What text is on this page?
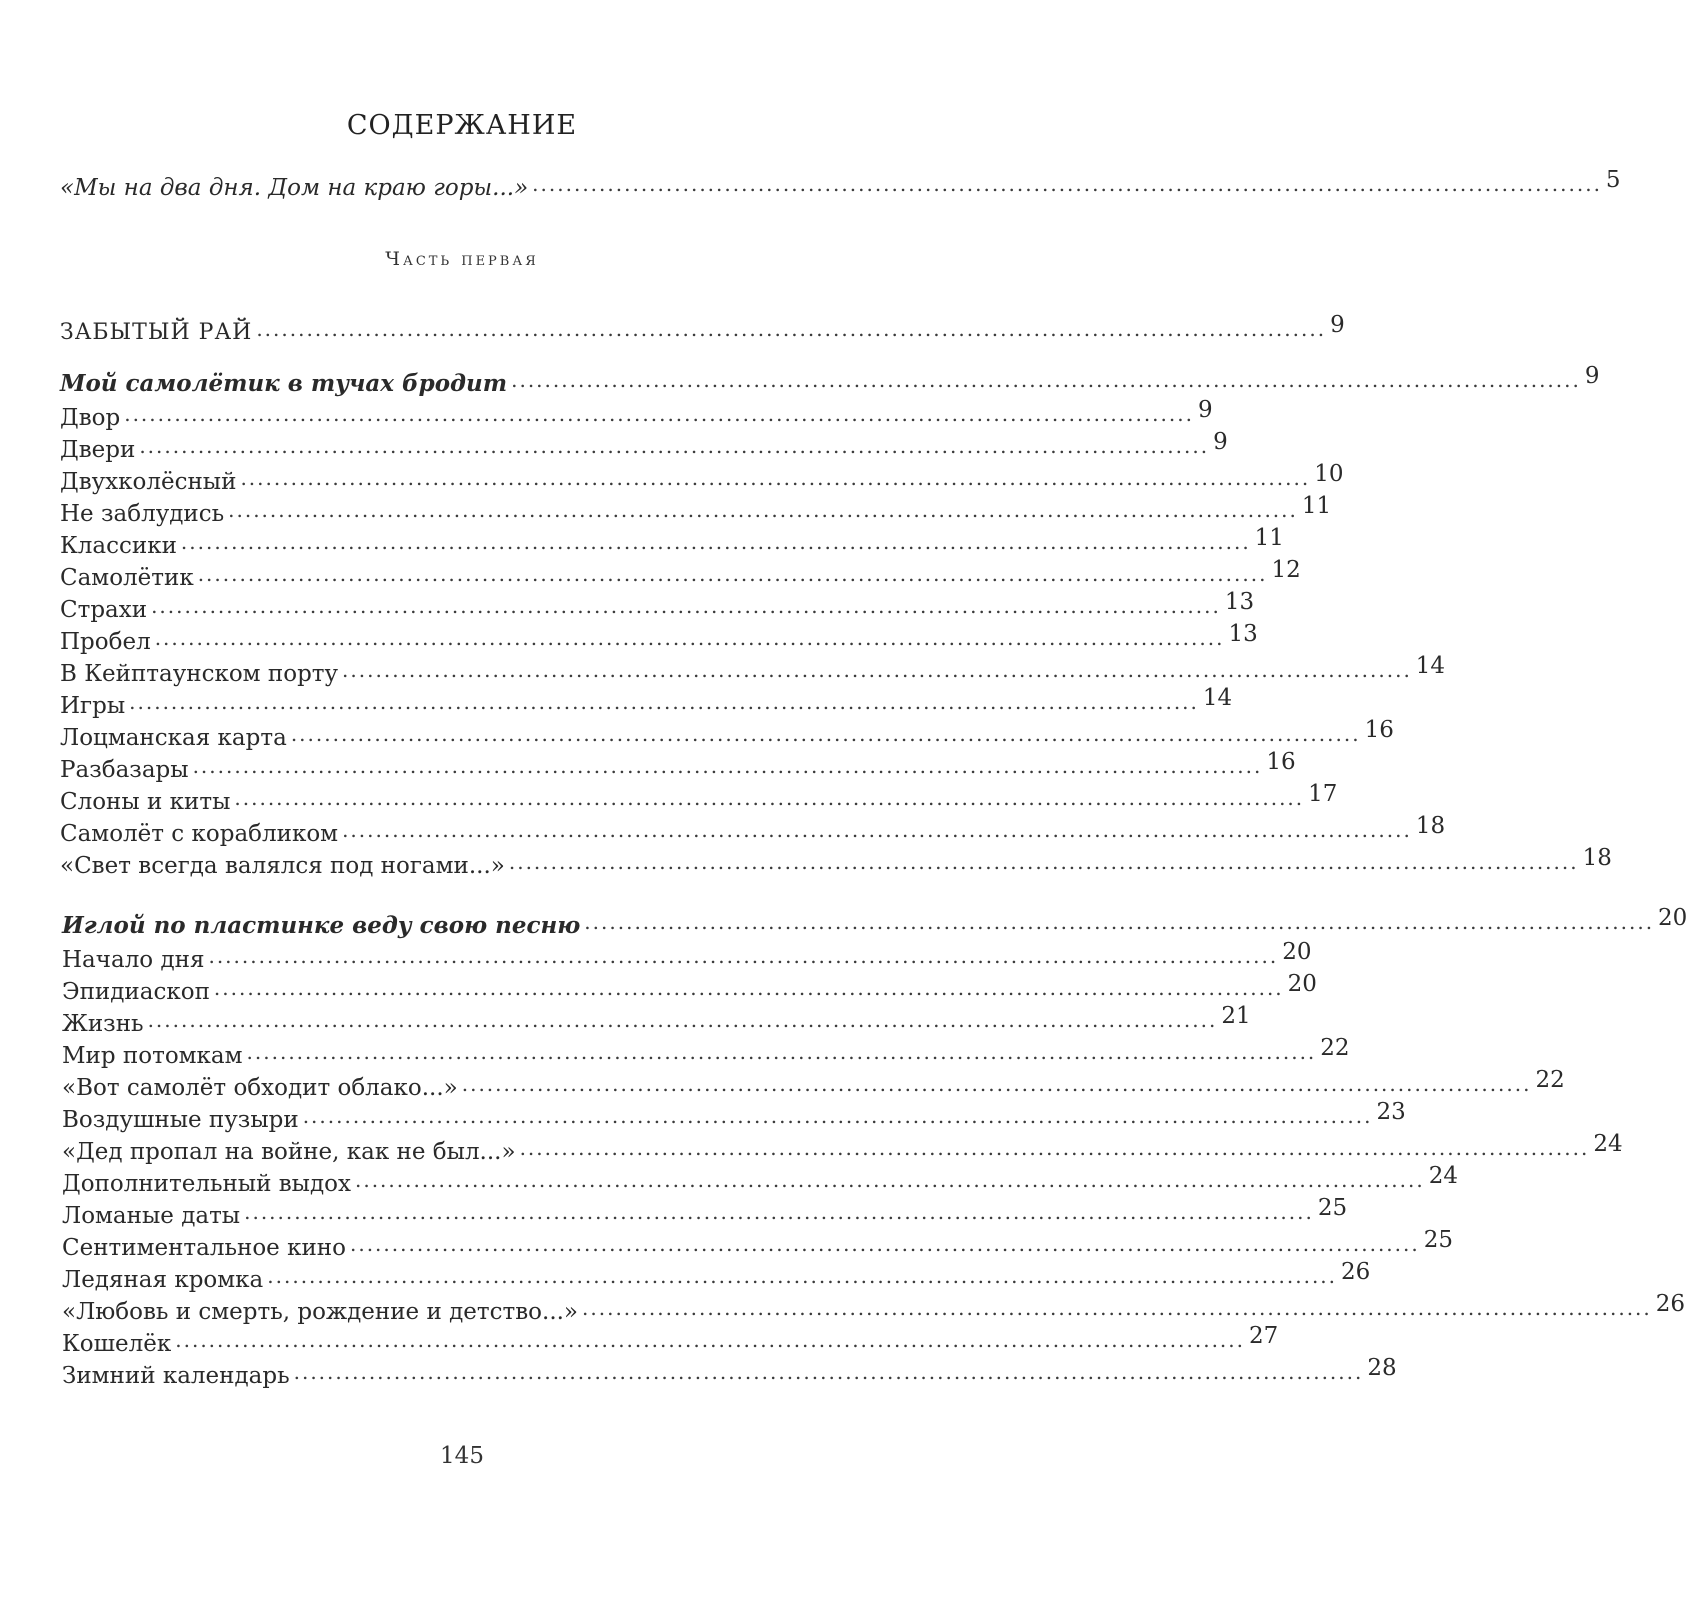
СОДЕРЖАНИЕ
«Мы на два дня. Дом на краю горы...» ................................................................................................................................ 5
Часть первая
ЗАБЫТЫЙ РАЙ ................................................................................................................................ 9
Мой самолётик в тучах бродит ................................................................................................................................ 9
Двор ................................................................................................................................ 9
Двери ................................................................................................................................ 9
Двухколёсный ................................................................................................................................ 10
Не заблудись ................................................................................................................................ 11
Классики ................................................................................................................................ 11
Самолётик ................................................................................................................................ 12
Страхи ................................................................................................................................ 13
Пробел ................................................................................................................................ 13
В Кейптаунском порту ................................................................................................................................ 14
Игры ................................................................................................................................ 14
Лоцманская карта ................................................................................................................................ 16
Разбазары ................................................................................................................................ 16
Слоны и киты ................................................................................................................................ 17
Самолёт с корабликом ................................................................................................................................ 18
«Свет всегда валялся под ногами...» ................................................................................................................................ 18
Иглой по пластинке веду свою песню ................................................................................................................................ 20
Начало дня ................................................................................................................................ 20
Эпидиаскоп ................................................................................................................................ 20
Жизнь ................................................................................................................................ 21
Мир потомкам ................................................................................................................................ 22
«Вот самолёт обходит облако...» ................................................................................................................................ 22
Воздушные пузыри ................................................................................................................................ 23
«Дед пропал на войне, как не был...» ................................................................................................................................ 24
Дополнительный выдох ................................................................................................................................ 24
Ломаные даты ................................................................................................................................ 25
Сентиментальное кино ................................................................................................................................ 25
Ледяная кромка ................................................................................................................................ 26
«Любовь и смерть, рождение и детство...» ................................................................................................................................ 26
Кошелёк ................................................................................................................................ 27
Зимний календарь ................................................................................................................................ 28
145
